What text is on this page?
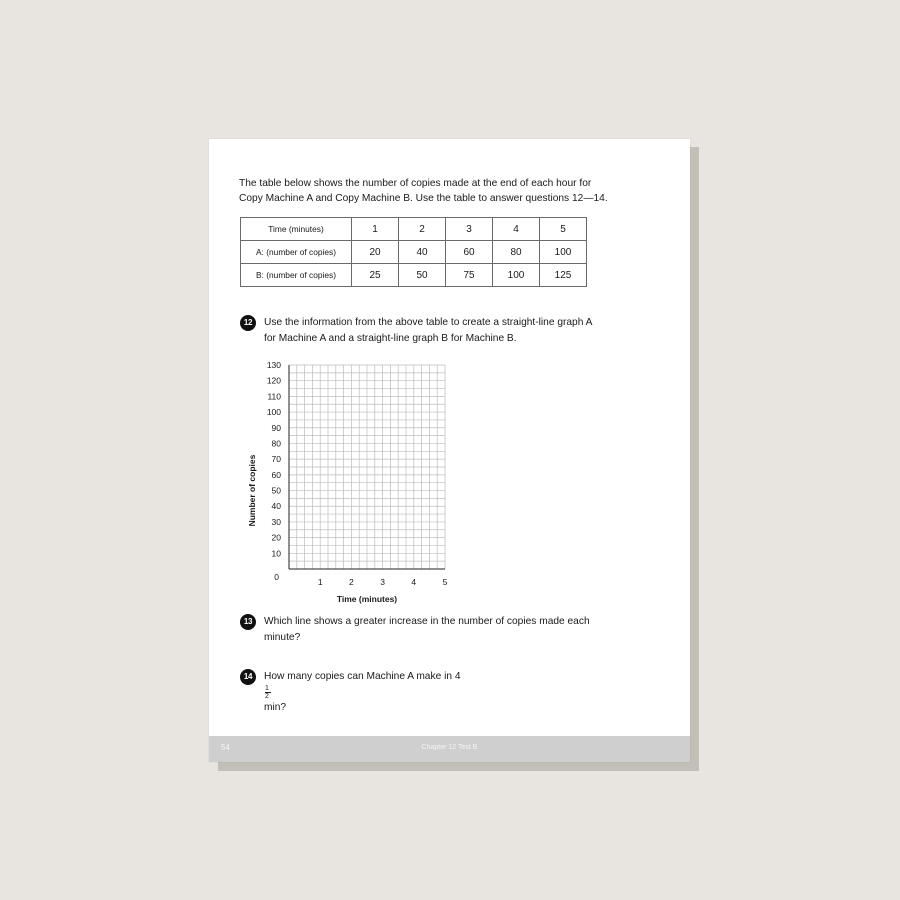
The table below shows the number of copies made at the end of each hour for
Copy Machine A and Copy Machine B. Use the table to answer questions 12—14.
Time (minutes)	1	2	3	4	5
A: (number of copies)	20	40	60	80	100
B: (number of copies)	25	50	75	100	125
12	Use the information from the above table to create a straight-line graph A
for Machine A and a straight-line graph B for Machine B.
10
20
30
40
50
60
70
80
90
100
110
120
130
1	2	3	4	5
0
Time (minutes)
Number of copies
13	Which line shows a greater increase in the number of copies made each
minute?
14	How many copies can Machine A make in 4
1
2
min?
54	Chapter 12 Test B
